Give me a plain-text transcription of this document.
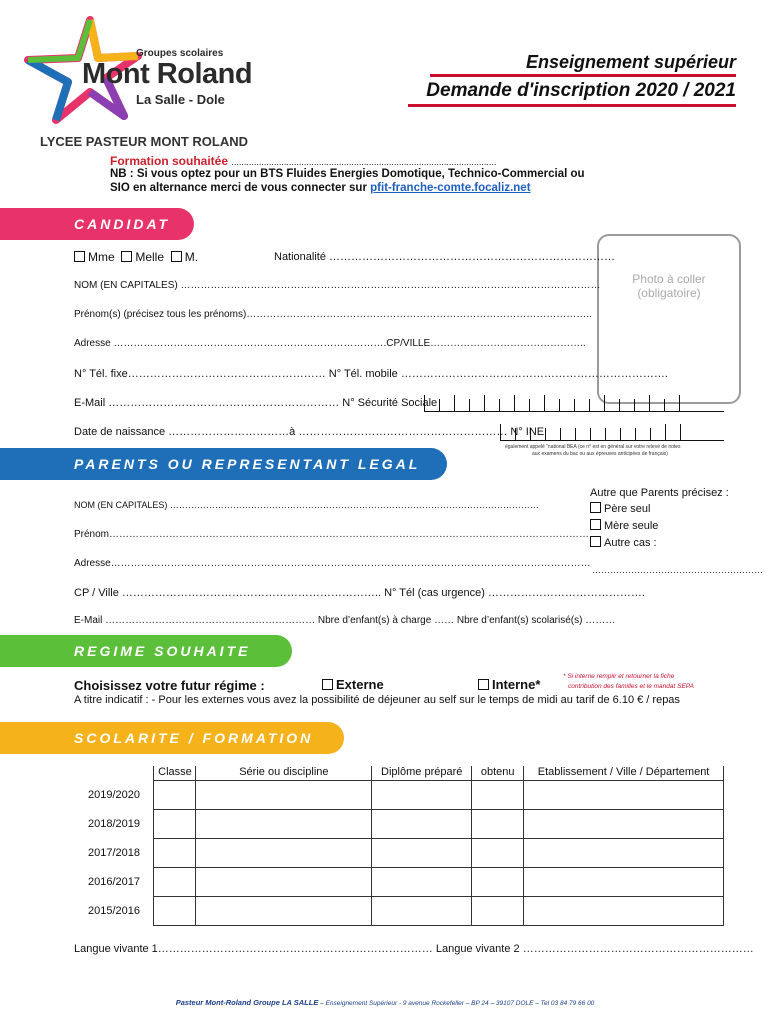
Groupes scolaires
Mont Roland
La Salle - Dole
Enseignement supérieur
Demande d'inscription 2020 / 2021
LYCEE PASTEUR MONT ROLAND
Formation souhaitée ..........................................................................................................
NB : Si vous optez pour un BTS Fluides Energies Domotique, Technico-Commercial ou
SIO en alternance merci de vous connecter sur pfit-franche-comte.focaliz.net
CANDIDAT
Photo à coller
(obligatoire)
Mme Melle M.	Nationalité ……………………………………………………………………
NOM (EN CAPITALES) ………………………………………………………………………………………………………………
Prénom(s) (précisez tous les prénoms)…………………………………………………………………………………………..
Adresse ……………………………………………………………………….CP/VILLE………………………………………..
N° Tél. fixe……………………………………………… N° Tél. mobile ……………………………………………………………….
E-Mail ……………………………………………………… N° Sécurité Sociale
Date de naissance ……………………………à ………………………………………………… N° INE
également appelé "national BEA (ce n° est en général sur votre relevé de notes
aux examens du bac ou aux épreuves anticipées de français)
PARENTS OU REPRESENTANT LEGAL
NOM (EN CAPITALES) ……………………………………………………………………………………………………………
Prénom………………………………………………………………………………………………………………………………
Adresse………………………………………………………………………………………………………………………………
CP / Ville …………………………………………………………….. N° Tél (cas urgence) …………………………………….
E-Mail ……………………………………………………… Nbre d’enfant(s) à charge …… Nbre d’enfant(s) scolarisé(s) ………
Autre que Parents précisez :
Père seul
Mère seule
Autre cas :
…………………………………………………
REGIME SOUHAITE
Choisissez votre futur régime :	Externe	Interne*
* Si interne remplir et retourner la fiche
contribution des familles et le mandat SEPA
A titre indicatif : - Pour les externes vous avez la possibilité de déjeuner au self sur le temps de midi au tarif de 6.10 € / repas
SCOLARITE / FORMATION
	Classe	Série ou discipline	Diplôme préparé	obtenu	Etablissement / Ville / Département
2019/2020					
2018/2019					
2017/2018					
2016/2017					
2015/2016					
Langue vivante 1………………………………………………………………… Langue vivante 2 ………………………………………………………
Pasteur Mont-Roland Groupe LA SALLE – Enseignement Supérieur - 9 avenue Rockefeller – BP 24 – 39107 DOLE – Tel 03 84 79 66 00
